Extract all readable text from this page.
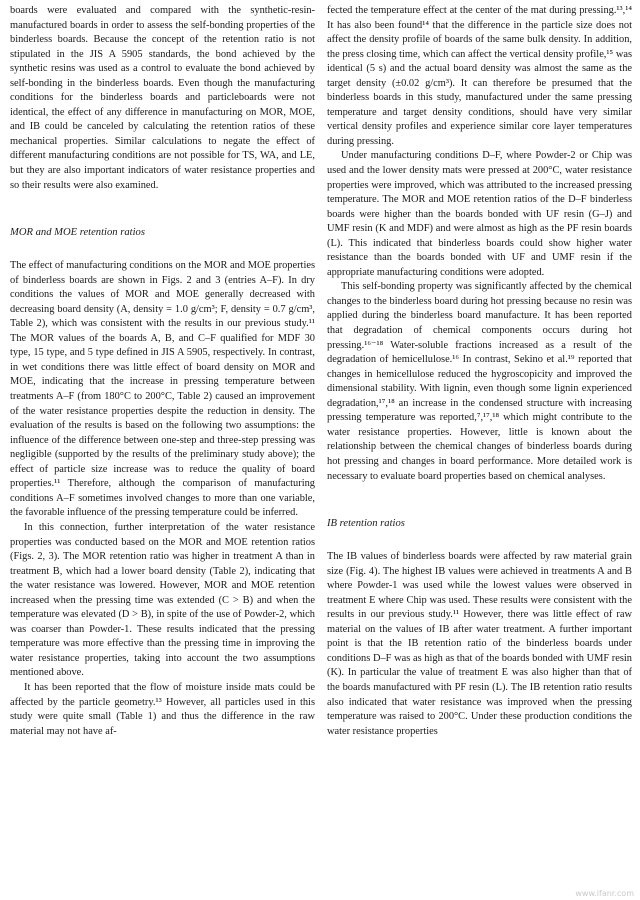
boards were evaluated and compared with the synthetic-resin-manufactured boards in order to assess the self-bonding properties of the binderless boards. Because the concept of the retention ratio is not stipulated in the JIS A 5905 standards, the bond achieved by the synthetic resins was used as a control to evaluate the bond achieved by self-bonding in the binderless boards. Even though the manufacturing conditions for the binderless boards and particleboards were not identical, the effect of any difference in manufacturing on MOR, MOE, and IB could be canceled by calculating the retention ratios of these mechanical properties. Similar calculations to negate the effect of different manufacturing conditions are not possible for TS, WA, and LE, but they are also important indicators of water resistance properties and so their results were also examined.

MOR and MOE retention ratios

The effect of manufacturing conditions on the MOR and MOE properties of binderless boards are shown in Figs. 2 and 3 (entries A–F). In dry conditions the values of MOR and MOE generally decreased with decreasing board density (A, density = 1.0 g/cm³; F, density = 0.7 g/cm³, Table 2), which was consistent with the results in our previous study.¹¹ The MOR values of the boards A, B, and C–F qualified for MDF 30 type, 15 type, and 5 type defined in JIS A 5905, respectively. In contrast, in wet conditions there was little effect of board density on MOR and MOE, indicating that the increase in pressing temperature between treatments A–F (from 180°C to 200°C, Table 2) caused an improvement of the water resistance properties despite the reduction in density. The evaluation of the results is based on the following two assumptions: the influence of the difference between one-step and three-step pressing was negligible (supported by the results of the preliminary study above); the effect of particle size increase was to reduce the quality of board properties.¹¹ Therefore, although the comparison of manufacturing conditions A–F sometimes involved changes to more than one variable, the favorable influence of the pressing temperature could be inferred.

In this connection, further interpretation of the water resistance properties was conducted based on the MOR and MOE retention ratios (Figs. 2, 3). The MOR retention ratio was higher in treatment A than in treatment B, which had a lower board density (Table 2), indicating that the water resistance was lowered. However, MOR and MOE retention increased when the pressing time was extended (C > B) and when the temperature was elevated (D > B), in spite of the use of Powder-2, which was coarser than Powder-1. These results indicated that the pressing temperature was more effective than the pressing time in improving the water resistance properties, taking into account the two assumptions mentioned above.

It has been reported that the flow of moisture inside mats could be affected by the particle geometry.¹³ However, all particles used in this study were quite small (Table 1) and thus the difference in the raw material may not have af-

fected the temperature effect at the center of the mat during pressing.¹³,¹⁴ It has also been found¹⁴ that the difference in the particle size does not affect the density profile of boards of the same bulk density. In addition, the press closing time, which can affect the vertical density profile,¹⁵ was identical (5 s) and the actual board density was almost the same as the target density (±0.02 g/cm³). It can therefore be presumed that the binderless boards in this study, manufactured under the same pressing temperature and target density conditions, should have very similar vertical density profiles and experience similar core layer temperatures during pressing.

Under manufacturing conditions D–F, where Powder-2 or Chip was used and the lower density mats were pressed at 200°C, water resistance properties were improved, which was attributed to the increased pressing temperature. The MOR and MOE retention ratios of the D–F binderless boards were higher than the boards bonded with UF resin (G–J) and UMF resin (K and MDF) and were almost as high as the PF resin boards (L). This indicated that binderless boards could show higher water resistance than the boards bonded with UF and UMF resin if the appropriate manufacturing conditions were adopted.

This self-bonding property was significantly affected by the chemical changes to the binderless board during hot pressing because no resin was applied during the binderless board manufacture. It has been reported that degradation of chemical components occurs during hot pressing.¹⁶⁻¹⁸ Water-soluble fractions increased as a result of the degradation of hemicellulose.¹⁶ In contrast, Sekino et al.¹⁹ reported that changes in hemicellulose reduced the hygroscopicity and improved the dimensional stability. With lignin, even though some lignin experienced degradation,¹⁷,¹⁸ an increase in the condensed structure with increasing pressing temperature was reported,⁷,¹⁷,¹⁸ which might contribute to the water resistance properties. However, little is known about the relationship between the chemical changes of binderless boards during hot pressing and changes in board performance. More detailed work is necessary to evaluate board properties based on chemical analyses.

IB retention ratios

The IB values of binderless boards were affected by raw material grain size (Fig. 4). The highest IB values were achieved in treatments A and B where Powder-1 was used while the lowest values were observed in treatment E where Chip was used. These results were consistent with the results in our previous study.¹¹ However, there was little effect of raw material on the values of IB after water treatment. A further important point is that the IB retention ratio of the binderless boards under conditions D–F was as high as that of the boards bonded with UMF resin (K). In particular the value of treatment E was also higher than that of the boards manufactured with PF resin (L). The IB retention ratio results also indicated that water resistance was improved when the pressing temperature was raised to 200°C. Under these production conditions the water resistance properties

www.ifanr.com
